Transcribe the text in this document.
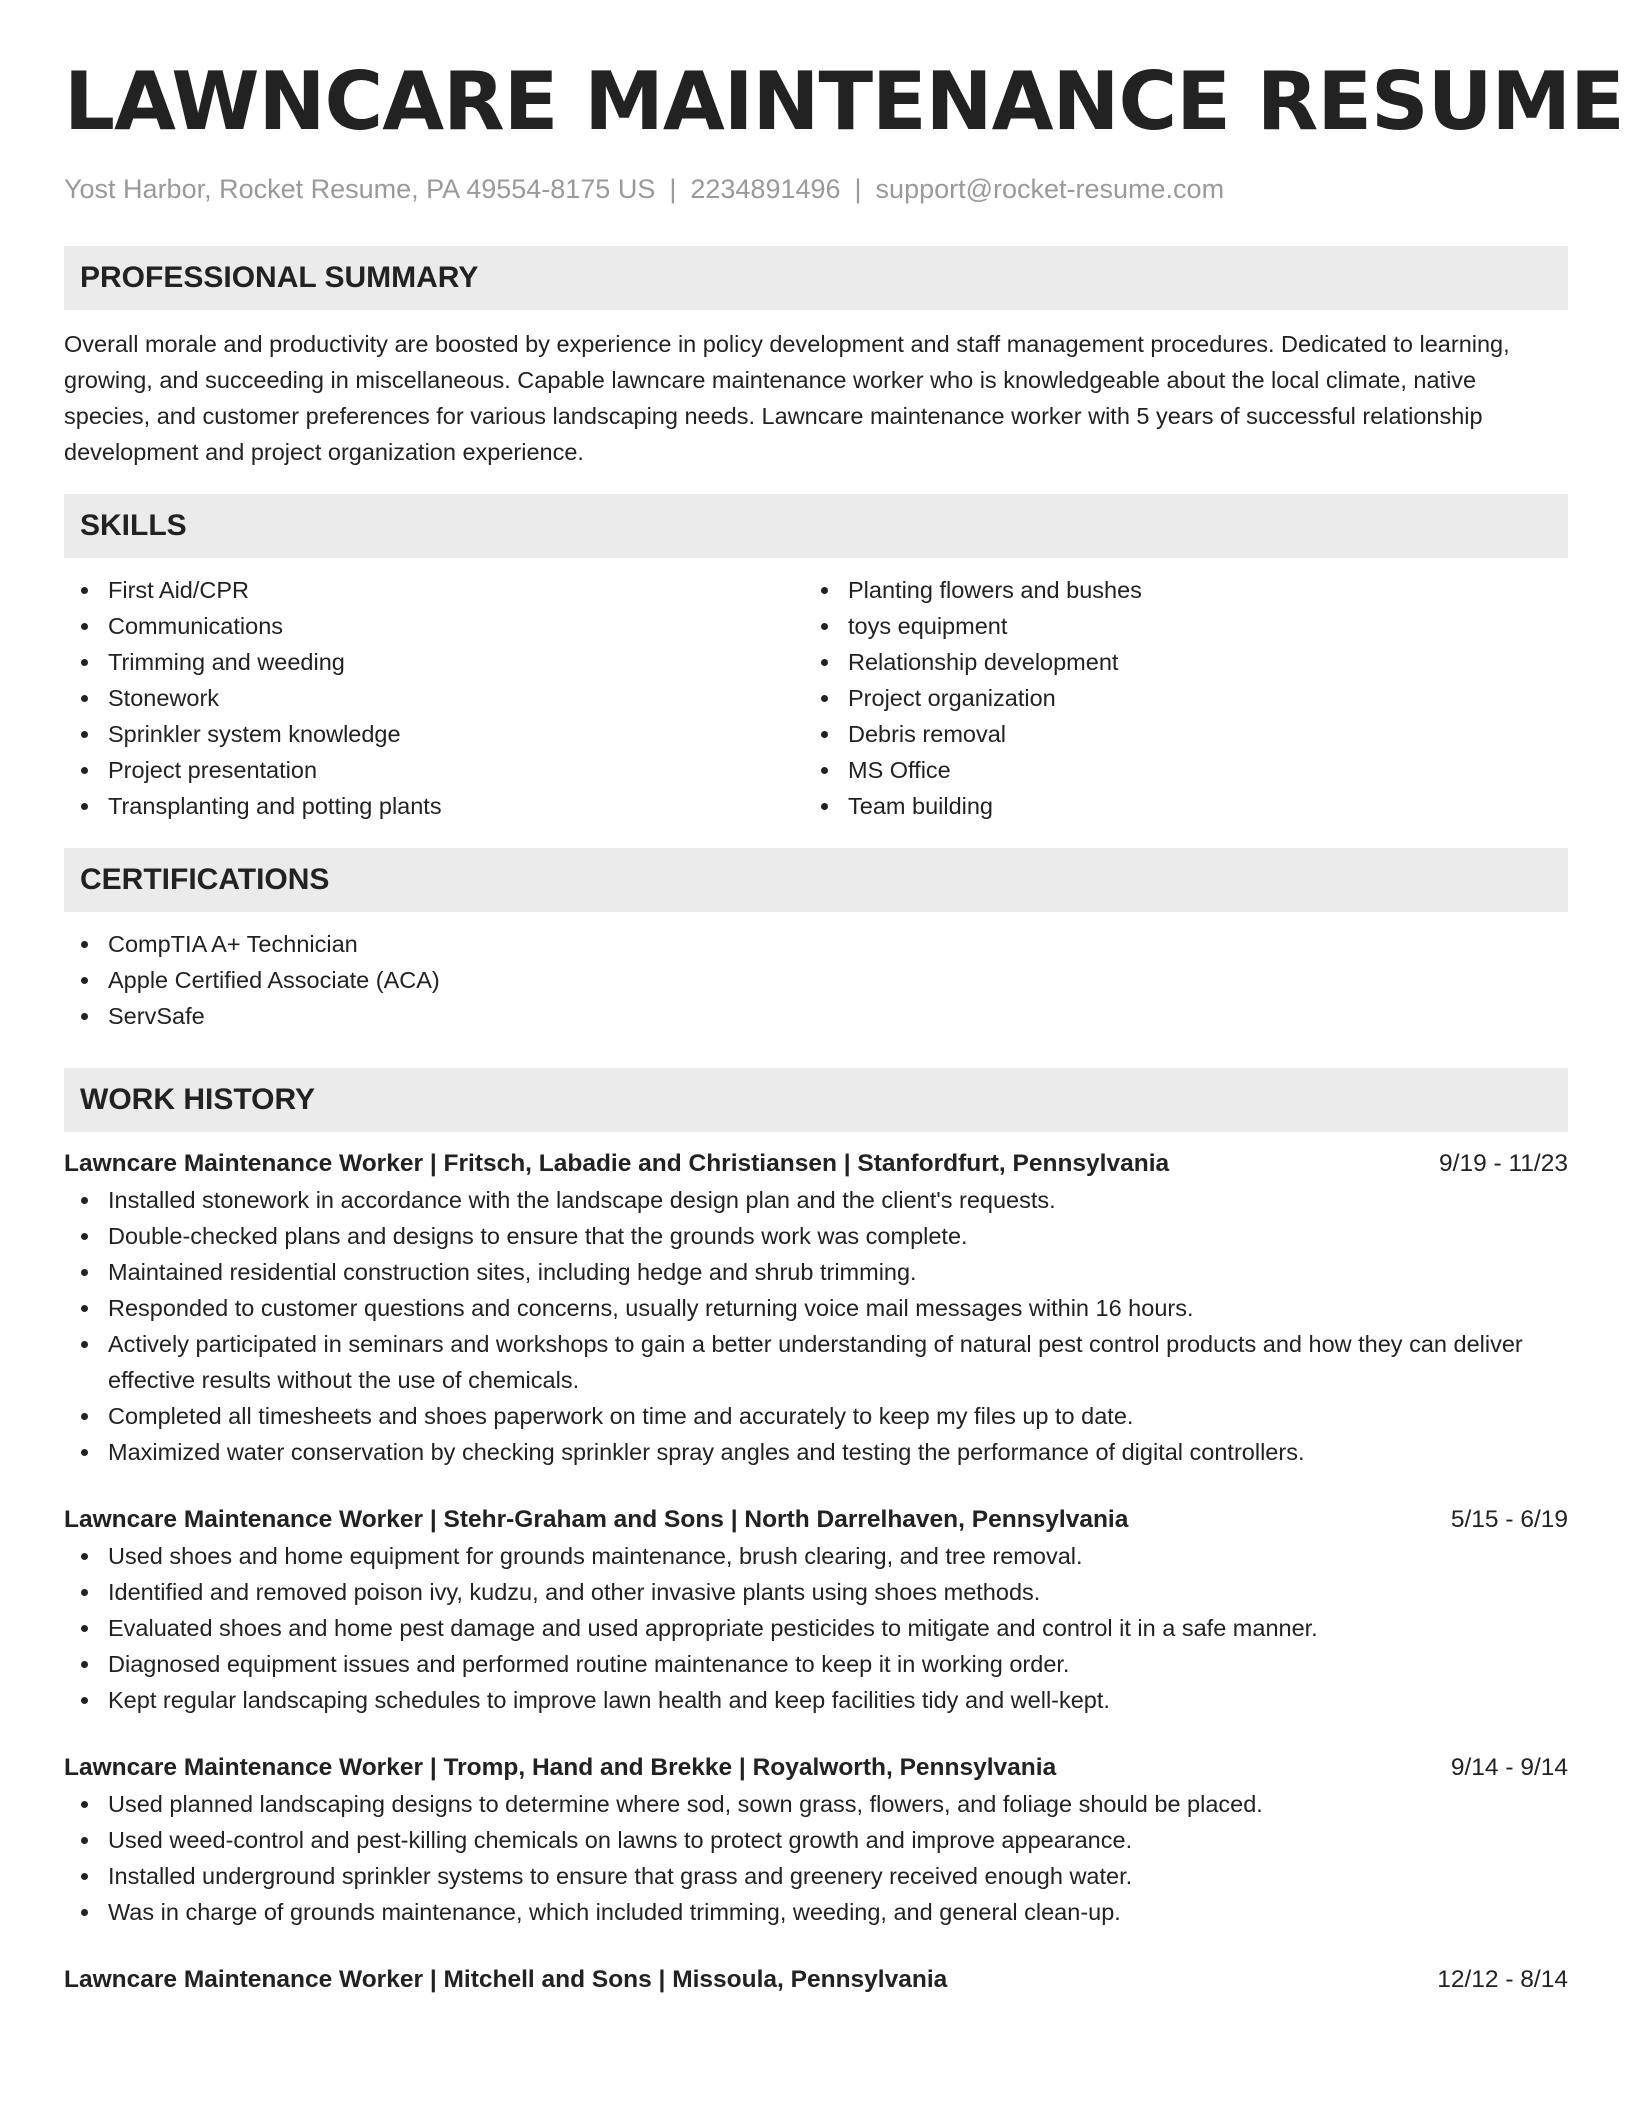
LAWNCARE MAINTENANCE RESUME
Yost Harbor, Rocket Resume, PA 49554-8175 US | 2234891496 | support@rocket-resume.com
PROFESSIONAL SUMMARY

Overall morale and productivity are boosted by experience in policy development and staff management procedures. Dedicated to learning, growing, and succeeding in miscellaneous. Capable lawncare maintenance worker who is knowledgeable about the local climate, native species, and customer preferences for various landscaping needs. Lawncare maintenance worker with 5 years of successful relationship development and project organization experience.

SKILLS
First Aid/CPR
Communications
Trimming and weeding
Stonework
Sprinkler system knowledge
Project presentation
Transplanting and potting plants
Planting flowers and bushes
toys equipment
Relationship development
Project organization
Debris removal
MS Office
Team building
CERTIFICATIONS
CompTIA A+ Technician
Apple Certified Associate (ACA)
ServSafe
WORK HISTORY
Lawncare Maintenance Worker | Fritsch, Labadie and Christiansen | Stanfordfurt, Pennsylvania	9/19 - 11/23
Installed stonework in accordance with the landscape design plan and the client's requests.
Double-checked plans and designs to ensure that the grounds work was complete.
Maintained residential construction sites, including hedge and shrub trimming.
Responded to customer questions and concerns, usually returning voice mail messages within 16 hours.
Actively participated in seminars and workshops to gain a better understanding of natural pest control products and how they can deliver effective results without the use of chemicals.
Completed all timesheets and shoes paperwork on time and accurately to keep my files up to date.
Maximized water conservation by checking sprinkler spray angles and testing the performance of digital controllers.
Lawncare Maintenance Worker | Stehr-Graham and Sons | North Darrelhaven, Pennsylvania	5/15 - 6/19
Used shoes and home equipment for grounds maintenance, brush clearing, and tree removal.
Identified and removed poison ivy, kudzu, and other invasive plants using shoes methods.
Evaluated shoes and home pest damage and used appropriate pesticides to mitigate and control it in a safe manner.
Diagnosed equipment issues and performed routine maintenance to keep it in working order.
Kept regular landscaping schedules to improve lawn health and keep facilities tidy and well-kept.
Lawncare Maintenance Worker | Tromp, Hand and Brekke | Royalworth, Pennsylvania	9/14 - 9/14
Used planned landscaping designs to determine where sod, sown grass, flowers, and foliage should be placed.
Used weed-control and pest-killing chemicals on lawns to protect growth and improve appearance.
Installed underground sprinkler systems to ensure that grass and greenery received enough water.
Was in charge of grounds maintenance, which included trimming, weeding, and general clean-up.
Lawncare Maintenance Worker | Mitchell and Sons | Missoula, Pennsylvania	12/12 - 8/14
